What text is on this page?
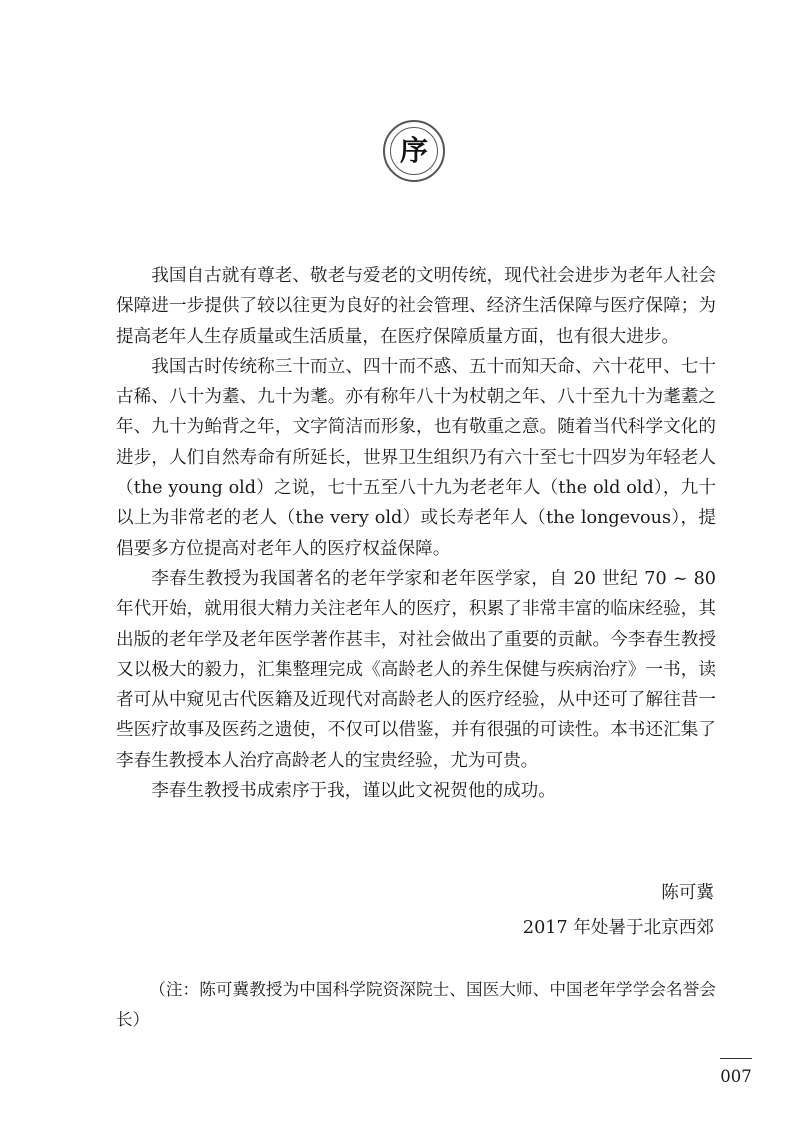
序

我国自古就有尊老、敬老与爱老的文明传统，现代社会进步为老年人社会保障进一步提供了较以往更为良好的社会管理、经济生活保障与医疗保障；为提高老年人生存质量或生活质量，在医疗保障质量方面，也有很大进步。

我国古时传统称三十而立、四十而不惑、五十而知天命、六十花甲、七十古稀、八十为耋、九十为耄。亦有称年八十为杖朝之年、八十至九十为耄耋之年、九十为鲐背之年，文字简洁而形象，也有敬重之意。随着当代科学文化的进步，人们自然寿命有所延长，世界卫生组织乃有六十至七十四岁为年轻老人（the young old）之说，七十五至八十九为老老年人（the old old），九十以上为非常老的老人（the very old）或长寿老年人（the longevous），提倡要多方位提高对老年人的医疗权益保障。

李春生教授为我国著名的老年学家和老年医学家，自 20 世纪 70 ~ 80 年代开始，就用很大精力关注老年人的医疗，积累了非常丰富的临床经验，其出版的老年学及老年医学著作甚丰，对社会做出了重要的贡献。今李春生教授又以极大的毅力，汇集整理完成《高龄老人的养生保健与疾病治疗》一书，读者可从中窥见古代医籍及近现代对高龄老人的医疗经验，从中还可了解往昔一些医疗故事及医药之遗使，不仅可以借鉴，并有很强的可读性。本书还汇集了李春生教授本人治疗高龄老人的宝贵经验，尤为可贵。

李春生教授书成索序于我，谨以此文祝贺他的成功。

陈可冀
2017 年处暑于北京西郊
（注：陈可冀教授为中国科学院资深院士、国医大师、中国老年学学会名誉会长）
007
